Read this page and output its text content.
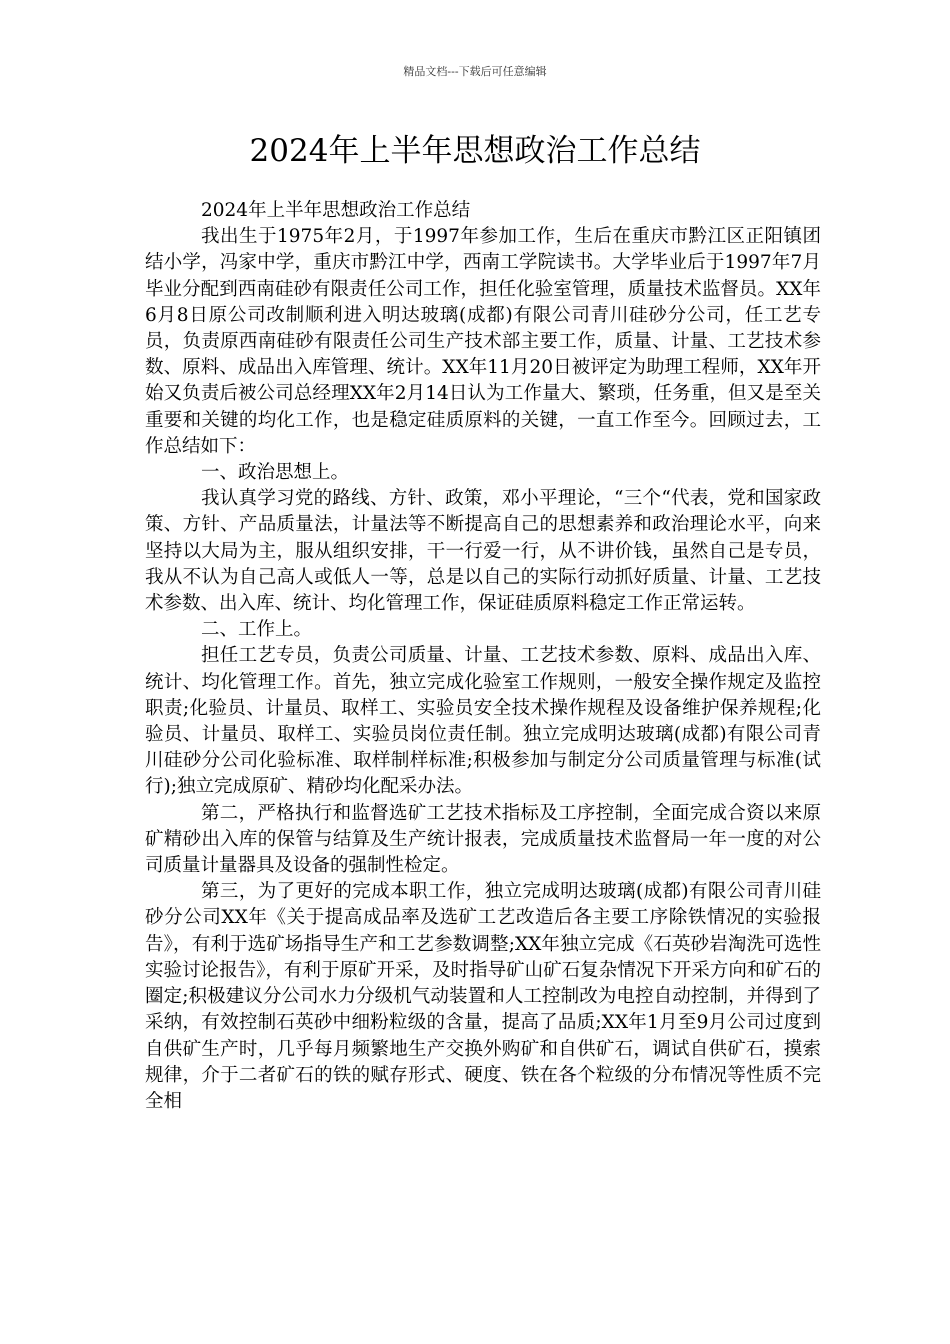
精品文档---下载后可任意编辑
2024年上半年思想政治工作总结

2024年上半年思想政治工作总结

我出生于1975年2月，于1997年参加工作，生后在重庆市黔江区正阳镇团结小学，冯家中学，重庆市黔江中学，西南工学院读书。大学毕业后于1997年7月毕业分配到西南硅砂有限责任公司工作，担任化验室管理，质量技术监督员。XX年6月8日原公司改制顺利进入明达玻璃(成都)有限公司青川硅砂分公司，任工艺专员，负责原西南硅砂有限责任公司生产技术部主要工作，质量、计量、工艺技术参数、原料、成品出入库管理、统计。XX年11月20日被评定为助理工程师，XX年开始又负责后被公司总经理XX年2月14日认为工作量大、繁琐，任务重，但又是至关重要和关键的均化工作，也是稳定硅质原料的关键，一直工作至今。回顾过去，工作总结如下：

一、政治思想上。

我认真学习党的路线、方针、政策，邓小平理论，“三个“代表，党和国家政策、方针、产品质量法，计量法等不断提高自己的思想素养和政治理论水平，向来坚持以大局为主，服从组织安排，干一行爱一行，从不讲价钱，虽然自己是专员，我从不认为自己高人或低人一等，总是以自己的实际行动抓好质量、计量、工艺技术参数、出入库、统计、均化管理工作，保证硅质原料稳定工作正常运转。

二、工作上。

担任工艺专员，负责公司质量、计量、工艺技术参数、原料、成品出入库、统计、均化管理工作。首先，独立完成化验室工作规则，一般安全操作规定及监控职责;化验员、计量员、取样工、实验员安全技术操作规程及设备维护保养规程;化验员、计量员、取样工、实验员岗位责任制。独立完成明达玻璃(成都)有限公司青川硅砂分公司化验标准、取样制样标准;积极参加与制定分公司质量管理与标准(试行);独立完成原矿、精砂均化配采办法。

第二，严格执行和监督选矿工艺技术指标及工序控制，全面完成合资以来原矿精砂出入库的保管与结算及生产统计报表，完成质量技术监督局一年一度的对公司质量计量器具及设备的强制性检定。

第三，为了更好的完成本职工作，独立完成明达玻璃(成都)有限公司青川硅砂分公司XX年《关于提高成品率及选矿工艺改造后各主要工序除铁情况的实验报告》，有利于选矿场指导生产和工艺参数调整;XX年独立完成《石英砂岩淘洗可选性实验讨论报告》，有利于原矿开采，及时指导矿山矿石复杂情况下开采方向和矿石的圈定;积极建议分公司水力分级机气动装置和人工控制改为电控自动控制，并得到了采纳，有效控制石英砂中细粉粒级的含量，提高了品质;XX年1月至9月公司过度到自供矿生产时，几乎每月频繁地生产交换外购矿和自供矿石，调试自供矿石，摸索规律，介于二者矿石的铁的赋存形式、硬度、铁在各个粒级的分布情况等性质不完全相
